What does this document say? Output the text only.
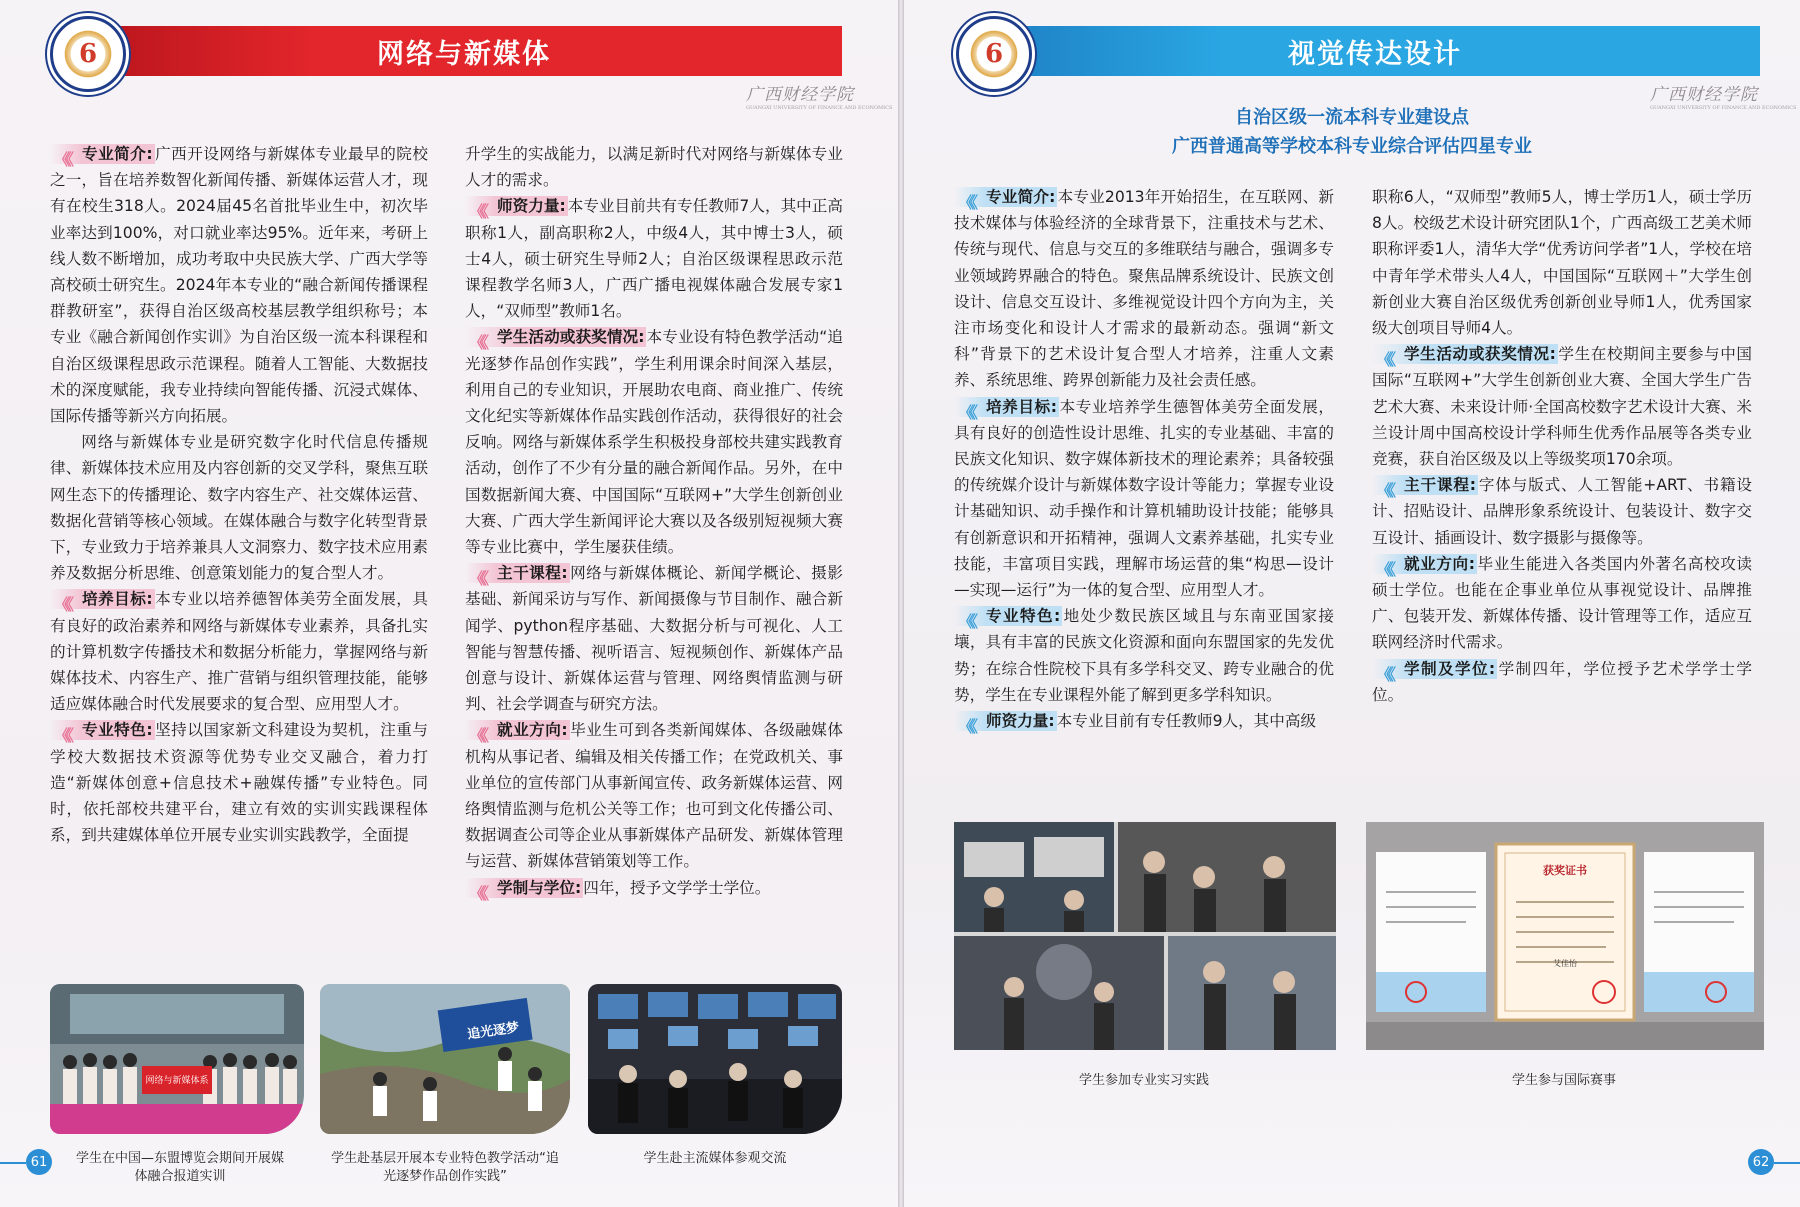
6	网络与新媒体
广西财经学院
GUANGXI UNIVERSITY OF FINANCE AND ECONOMICS

《《 专业简介: 广西开设网络与新媒体专业最早的院校之一，旨在培养数智化新闻传播、新媒体运营人才，现有在校生318人。2024届45名首批毕业生中，初次毕业率达到100%，对口就业率达95%。近年来，考研上线人数不断增加，成功考取中央民族大学、广西大学等高校硕士研究生。2024年本专业的“融合新闻传播课程群教研室”，获得自治区级高校基层教学组织称号；本专业《融合新闻创作实训》为自治区级一流本科课程和自治区级课程思政示范课程。随着人工智能、大数据技术的深度赋能，我专业持续向智能传播、沉浸式媒体、国际传播等新兴方向拓展。

网络与新媒体专业是研究数字化时代信息传播规律、新媒体技术应用及内容创新的交叉学科，聚焦互联网生态下的传播理论、数字内容生产、社交媒体运营、数据化营销等核心领域。在媒体融合与数字化转型背景下，专业致力于培养兼具人文洞察力、数字技术应用素养及数据分析思维、创意策划能力的复合型人才。

《《 培养目标: 本专业以培养德智体美劳全面发展，具有良好的政治素养和网络与新媒体专业素养，具备扎实的计算机数字传播技术和数据分析能力，掌握网络与新媒体技术、内容生产、推广营销与组织管理技能，能够适应媒体融合时代发展要求的复合型、应用型人才。

《《 专业特色: 坚持以国家新文科建设为契机，注重与学校大数据技术资源等优势专业交叉融合，着力打造“新媒体创意+信息技术+融媒传播”专业特色。同时，依托部校共建平台，建立有效的实训实践课程体系，到共建媒体单位开展专业实训实践教学，全面提

升学生的实战能力，以满足新时代对网络与新媒体专业人才的需求。

《《 师资力量: 本专业目前共有专任教师7人，其中正高职称1人，副高职称2人，中级4人，其中博士3人，硕士4人，硕士研究生导师2人；自治区级课程思政示范课程教学名师3人，广西广播电视媒体融合发展专家1人，“双师型”教师1名。

《《 学生活动或获奖情况: 本专业设有特色教学活动“追光逐梦作品创作实践”，学生利用课余时间深入基层，利用自己的专业知识，开展助农电商、商业推广、传统文化纪实等新媒体作品实践创作活动，获得很好的社会反响。网络与新媒体系学生积极投身部校共建实践教育活动，创作了不少有分量的融合新闻作品。另外，在中国数据新闻大赛、中国国际“互联网+”大学生创新创业大赛、广西大学生新闻评论大赛以及各级别短视频大赛等专业比赛中，学生屡获佳绩。

《《 主干课程: 网络与新媒体概论、新闻学概论、摄影基础、新闻采访与写作、新闻摄像与节目制作、融合新闻学、python程序基础、大数据分析与可视化、人工智能与智慧传播、视听语言、短视频创作、新媒体产品创意与设计、新媒体运营与管理、网络舆情监测与研判、社会学调查与研究方法。

《《 就业方向: 毕业生可到各类新闻媒体、各级融媒体机构从事记者、编辑及相关传播工作；在党政机关、事业单位的宣传部门从事新闻宣传、政务新媒体运营、网络舆情监测与危机公关等工作；也可到文化传播公司、数据调查公司等企业从事新媒体产品研发、新媒体管理与运营、新媒体营销策划等工作。

《《 学制与学位: 四年，授予文学学士学位。

网络与新媒体系
追光逐梦
学生在中国—东盟博览会期间开展媒体融合报道实训
学生赴基层开展本专业特色教学活动“追光逐梦作品创作实践”
学生赴主流媒体参观交流
61
6	视觉传达设计
广西财经学院
GUANGXI UNIVERSITY OF FINANCE AND ECONOMICS
自治区级一流本科专业建设点
广西普通高等学校本科专业综合评估四星专业

《《 专业简介: 本专业2013年开始招生，在互联网、新技术媒体与体验经济的全球背景下，注重技术与艺术、传统与现代、信息与交互的多维联结与融合，强调多专业领域跨界融合的特色。聚焦品牌系统设计、民族文创设计、信息交互设计、多维视觉设计四个方向为主，关注市场变化和设计人才需求的最新动态。强调“新文科”背景下的艺术设计复合型人才培养，注重人文素养、系统思维、跨界创新能力及社会责任感。

《《 培养目标: 本专业培养学生德智体美劳全面发展，具有良好的创造性设计思维、扎实的专业基础、丰富的民族文化知识、数字媒体新技术的理论素养；具备较强的传统媒介设计与新媒体数字设计等能力；掌握专业设计基础知识、动手操作和计算机辅助设计技能；能够具有创新意识和开拓精神，强调人文素养基础，扎实专业技能，丰富项目实践，理解市场运营的集“构思—设计—实现—运行”为一体的复合型、应用型人才。

《《 专业特色: 地处少数民族区域且与东南亚国家接壤，具有丰富的民族文化资源和面向东盟国家的先发优势；在综合性院校下具有多学科交叉、跨专业融合的优势，学生在专业课程外能了解到更多学科知识。

《《 师资力量: 本专业目前有专任教师9人，其中高级

职称6人，“双师型”教师5人，博士学历1人，硕士学历8人。校级艺术设计研究团队1个，广西高级工艺美术师职称评委1人，清华大学“优秀访问学者”1人，学校在培中青年学术带头人4人，中国国际“互联网＋”大学生创新创业大赛自治区级优秀创新创业导师1人，优秀国家级大创项目导师4人。

《《 学生活动或获奖情况: 学生在校期间主要参与中国国际“互联网+”大学生创新创业大赛、全国大学生广告艺术大赛、未来设计师·全国高校数字艺术设计大赛、米兰设计周中国高校设计学科师生优秀作品展等各类专业竞赛，获自治区级及以上等级奖项170余项。

《《 主干课程: 字体与版式、人工智能+ART、书籍设计、招贴设计、品牌形象系统设计、包装设计、数字交互设计、插画设计、数字摄影与摄像等。

《《 就业方向: 毕业生能进入各类国内外著名高校攻读硕士学位。也能在企事业单位从事视觉设计、品牌推广、包装开发、新媒体传播、设计管理等工作，适应互联网经济时代需求。

《《 学制及学位: 学制四年，学位授予艺术学学士学位。

获奖证书
艾佳怡
学生参加专业实习实践	学生参与国际赛事
62
